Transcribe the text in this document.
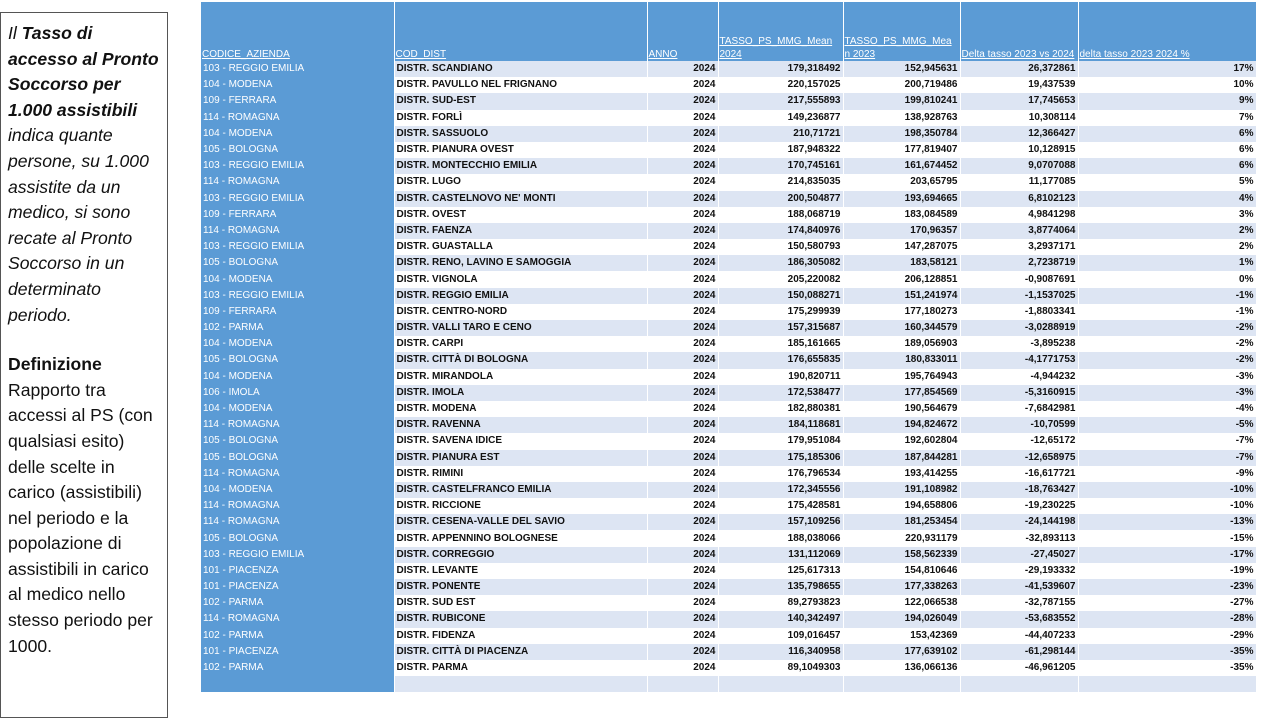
Il Tasso di accesso al Pronto Soccorso per 1.000 assistibili indica quante persone, su 1.000 assistite da un medico, si sono recate al Pronto Soccorso in un determinato periodo.

Definizione

Rapporto tra accessi al PS (con qualsiasi esito) delle scelte in carico (assistibili) nel periodo e la popolazione di assistibili in carico al medico nello stesso periodo per 1000.

CODICE_AZIENDA	COD_DIST	ANNO	TASSO_PS_MMG_Mean 2024	TASSO_PS_MMG_Mea n 2023	Delta tasso 2023 vs 2024	delta tasso 2023 2024 %
103 - REGGIO EMILIA	DISTR. SCANDIANO	2024	179,318492	152,945631	26,372861	17%
104 - MODENA	DISTR. PAVULLO NEL FRIGNANO	2024	220,157025	200,719486	19,437539	10%
109 - FERRARA	DISTR. SUD-EST	2024	217,555893	199,810241	17,745653	9%
114 - ROMAGNA	DISTR. FORLÌ	2024	149,236877	138,928763	10,308114	7%
104 - MODENA	DISTR. SASSUOLO	2024	210,71721	198,350784	12,366427	6%
105 - BOLOGNA	DISTR. PIANURA OVEST	2024	187,948322	177,819407	10,128915	6%
103 - REGGIO EMILIA	DISTR. MONTECCHIO EMILIA	2024	170,745161	161,674452	9,0707088	6%
114 - ROMAGNA	DISTR. LUGO	2024	214,835035	203,65795	11,177085	5%
103 - REGGIO EMILIA	DISTR. CASTELNOVO NE' MONTI	2024	200,504877	193,694665	6,8102123	4%
109 - FERRARA	DISTR. OVEST	2024	188,068719	183,084589	4,9841298	3%
114 - ROMAGNA	DISTR. FAENZA	2024	174,840976	170,96357	3,8774064	2%
103 - REGGIO EMILIA	DISTR. GUASTALLA	2024	150,580793	147,287075	3,2937171	2%
105 - BOLOGNA	DISTR. RENO, LAVINO E SAMOGGIA	2024	186,305082	183,58121	2,7238719	1%
104 - MODENA	DISTR. VIGNOLA	2024	205,220082	206,128851	-0,9087691	0%
103 - REGGIO EMILIA	DISTR. REGGIO EMILIA	2024	150,088271	151,241974	-1,1537025	-1%
109 - FERRARA	DISTR. CENTRO-NORD	2024	175,299939	177,180273	-1,8803341	-1%
102 - PARMA	DISTR. VALLI TARO E CENO	2024	157,315687	160,344579	-3,0288919	-2%
104 - MODENA	DISTR. CARPI	2024	185,161665	189,056903	-3,895238	-2%
105 - BOLOGNA	DISTR. CITTÀ DI BOLOGNA	2024	176,655835	180,833011	-4,1771753	-2%
104 - MODENA	DISTR. MIRANDOLA	2024	190,820711	195,764943	-4,944232	-3%
106 - IMOLA	DISTR. IMOLA	2024	172,538477	177,854569	-5,3160915	-3%
104 - MODENA	DISTR. MODENA	2024	182,880381	190,564679	-7,6842981	-4%
114 - ROMAGNA	DISTR. RAVENNA	2024	184,118681	194,824672	-10,70599	-5%
105 - BOLOGNA	DISTR. SAVENA IDICE	2024	179,951084	192,602804	-12,65172	-7%
105 - BOLOGNA	DISTR. PIANURA EST	2024	175,185306	187,844281	-12,658975	-7%
114 - ROMAGNA	DISTR. RIMINI	2024	176,796534	193,414255	-16,617721	-9%
104 - MODENA	DISTR. CASTELFRANCO EMILIA	2024	172,345556	191,108982	-18,763427	-10%
114 - ROMAGNA	DISTR. RICCIONE	2024	175,428581	194,658806	-19,230225	-10%
114 - ROMAGNA	DISTR. CESENA-VALLE DEL SAVIO	2024	157,109256	181,253454	-24,144198	-13%
105 - BOLOGNA	DISTR. APPENNINO BOLOGNESE	2024	188,038066	220,931179	-32,893113	-15%
103 - REGGIO EMILIA	DISTR. CORREGGIO	2024	131,112069	158,562339	-27,45027	-17%
101 - PIACENZA	DISTR. LEVANTE	2024	125,617313	154,810646	-29,193332	-19%
101 - PIACENZA	DISTR. PONENTE	2024	135,798655	177,338263	-41,539607	-23%
102 - PARMA	DISTR. SUD EST	2024	89,2793823	122,066538	-32,787155	-27%
114 - ROMAGNA	DISTR. RUBICONE	2024	140,342497	194,026049	-53,683552	-28%
102 - PARMA	DISTR. FIDENZA	2024	109,016457	153,42369	-44,407233	-29%
101 - PIACENZA	DISTR. CITTÀ DI PIACENZA	2024	116,340958	177,639102	-61,298144	-35%
102 - PARMA	DISTR. PARMA	2024	89,1049303	136,066136	-46,961205	-35%
